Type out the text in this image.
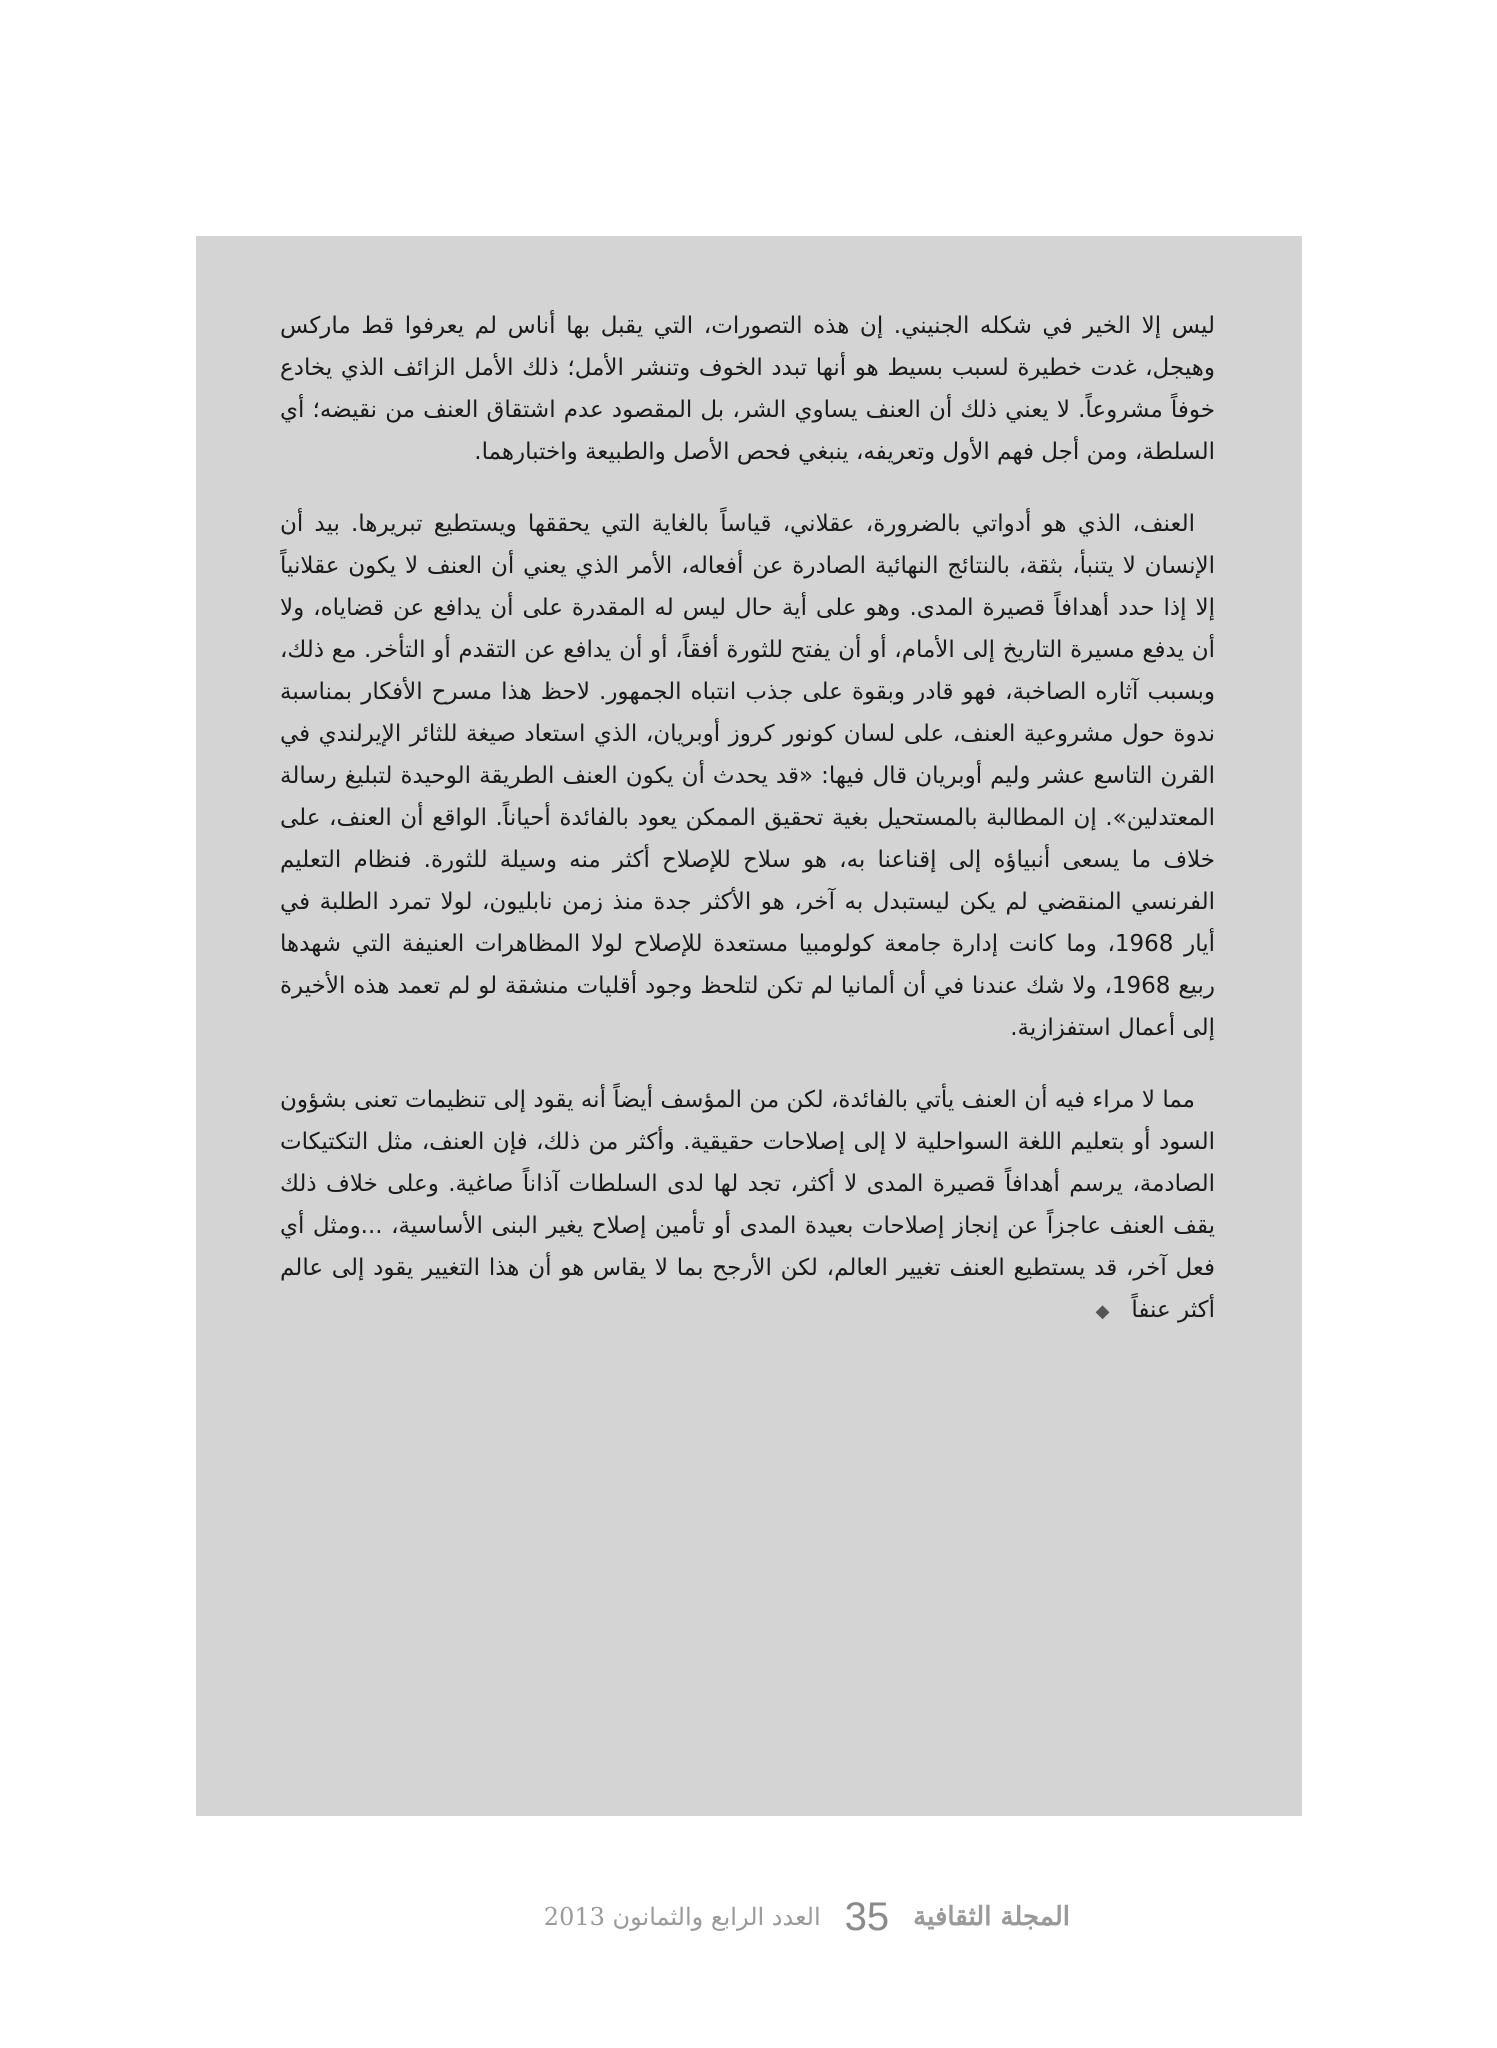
ليس إلا الخير في شكله الجنيني. إن هذه التصورات، التي يقبل بها أناس لم يعرفوا قط ماركس وهيجل، غدت خطيرة لسبب بسيط هو أنها تبدد الخوف وتنشر الأمل؛ ذلك الأمل الزائف الذي يخادع خوفاً مشروعاً. لا يعني ذلك أن العنف يساوي الشر، بل المقصود عدم اشتقاق العنف من نقيضه؛ أي السلطة، ومن أجل فهم الأول وتعريفه، ينبغي فحص الأصل والطبيعة واختبارهما.

العنف، الذي هو أدواتي بالضرورة، عقلاني، قياساً بالغاية التي يحققها ويستطيع تبريرها. بيد أن الإنسان لا يتنبأ، بثقة، بالنتائج النهائية الصادرة عن أفعاله، الأمر الذي يعني أن العنف لا يكون عقلانياً إلا إذا حدد أهدافاً قصيرة المدى. وهو على أية حال ليس له المقدرة على أن يدافع عن قضاياه، ولا أن يدفع مسيرة التاريخ إلى الأمام، أو أن يفتح للثورة أفقاً، أو أن يدافع عن التقدم أو التأخر. مع ذلك، وبسبب آثاره الصاخبة، فهو قادر وبقوة على جذب انتباه الجمهور. لاحظ هذا مسرح الأفكار بمناسبة ندوة حول مشروعية العنف، على لسان كونور كروز أوبريان، الذي استعاد صيغة للثائر الإيرلندي في القرن التاسع عشر وليم أوبريان قال فيها: «قد يحدث أن يكون العنف الطريقة الوحيدة لتبليغ رسالة المعتدلين». إن المطالبة بالمستحيل بغية تحقيق الممكن يعود بالفائدة أحياناً. الواقع أن العنف، على خلاف ما يسعى أنبياؤه إلى إقناعنا به، هو سلاح للإصلاح أكثر منه وسيلة للثورة. فنظام التعليم الفرنسي المنقضي لم يكن ليستبدل به آخر، هو الأكثر جدة منذ زمن نابليون، لولا تمرد الطلبة في أيار 1968، وما كانت إدارة جامعة كولومبيا مستعدة للإصلاح لولا المظاهرات العنيفة التي شهدها ربيع 1968، ولا شك عندنا في أن ألمانيا لم تكن لتلحظ وجود أقليات منشقة لو لم تعمد هذه الأخيرة إلى أعمال استفزازية.

مما لا مراء فيه أن العنف يأتي بالفائدة، لكن من المؤسف أيضاً أنه يقود إلى تنظيمات تعنى بشؤون السود أو بتعليم اللغة السواحلية لا إلى إصلاحات حقيقية. وأكثر من ذلك، فإن العنف، مثل التكتيكات الصادمة، يرسم أهدافاً قصيرة المدى لا أكثر، تجد لها لدى السلطات آذاناً صاغية. وعلى خلاف ذلك يقف العنف عاجزاً عن إنجاز إصلاحات بعيدة المدى أو تأمين إصلاح يغير البنى الأساسية، ...ومثل أي فعل آخر، قد يستطيع العنف تغيير العالم، لكن الأرجح بما لا يقاس هو أن هذا التغيير يقود إلى عالم أكثر عنفاً◆

المجلة الثقافية
35
العدد الرابع والثمانون 2013
